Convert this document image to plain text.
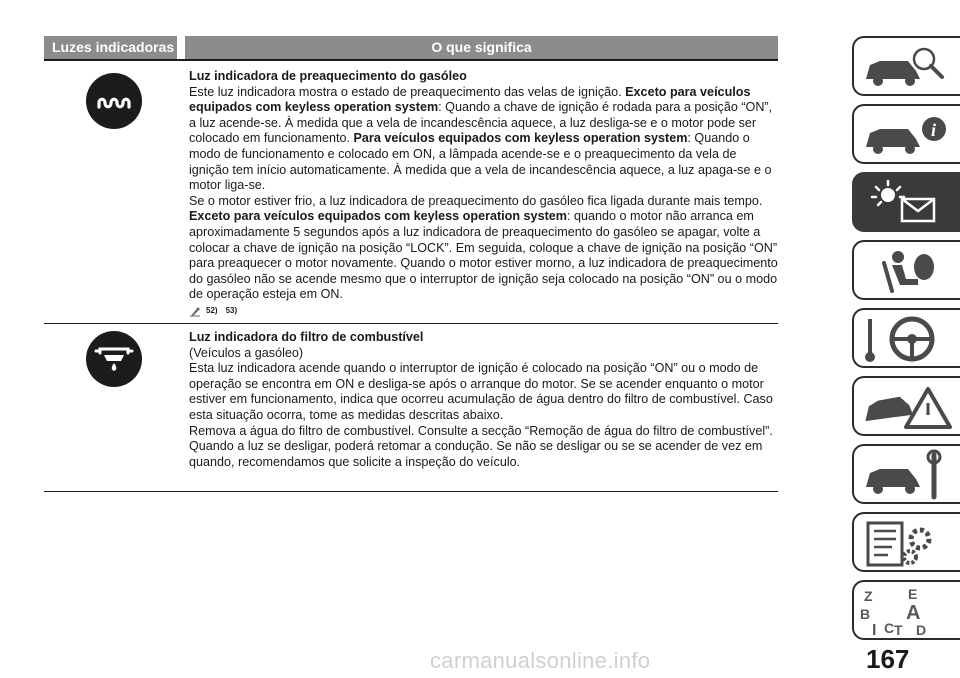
Luzes indicadoras	O que significa

Luz indicadora de preaquecimento do gasóleo

Este luz indicadora mostra o estado de preaquecimento das velas de ignição. Exceto para veículos equipados com keyless operation system: Quando a chave de ignição é rodada para a posição “ON”, a luz acende-se. À medida que a vela de incandescência aquece, a luz desliga-se e o motor pode ser colocado em funcionamento. Para veículos equipados com keyless operation system: Quando o modo de funcionamento e colocado em ON, a lâmpada acende-se e o preaquecimento da vela de ignição tem início automaticamente. À medida que a vela de incandescência aquece, a luz apaga-se e o motor liga-se.

Se o motor estiver frio, a luz indicadora de preaquecimento do gasóleo fica ligada durante mais tempo.

Exceto para veículos equipados com keyless operation system: quando o motor não arranca em aproximadamente 5 segundos após a luz indicadora de preaquecimento do gasóleo se apagar, volte a colocar a chave de ignição na posição “LOCK”. Em seguida, coloque a chave de ignição na posição “ON” para preaquecer o motor novamente. Quando o motor estiver morno, a luz indicadora de preaquecimento do gasóleo não se acende mesmo que o interruptor de ignição seja colocado na posição “ON” ou o modo de operação esteja em ON.

52) 53)

Luz indicadora do filtro de combustível

(Veículos a gasóleo)

Esta luz indicadora acende quando o interruptor de ignição é colocado na posição “ON” ou o modo de operação se encontra em ON e desliga-se após o arranque do motor. Se se acender enquanto o motor estiver em funcionamento, indica que ocorreu acumulação de água dentro do filtro de combustível. Caso esta situação ocorra, tome as medidas descritas abaixo.

Remova a água do filtro de combustível. Consulte a secção “Remoção de água do filtro de combustível”.

Quando a luz se desligar, poderá retomar a condução. Se não se desligar ou se se acender de vez em quando, recomendamos que solicite a inspeção do veículo.

i
Z	E
B A
I C T D
carmanualsonline.info	167
